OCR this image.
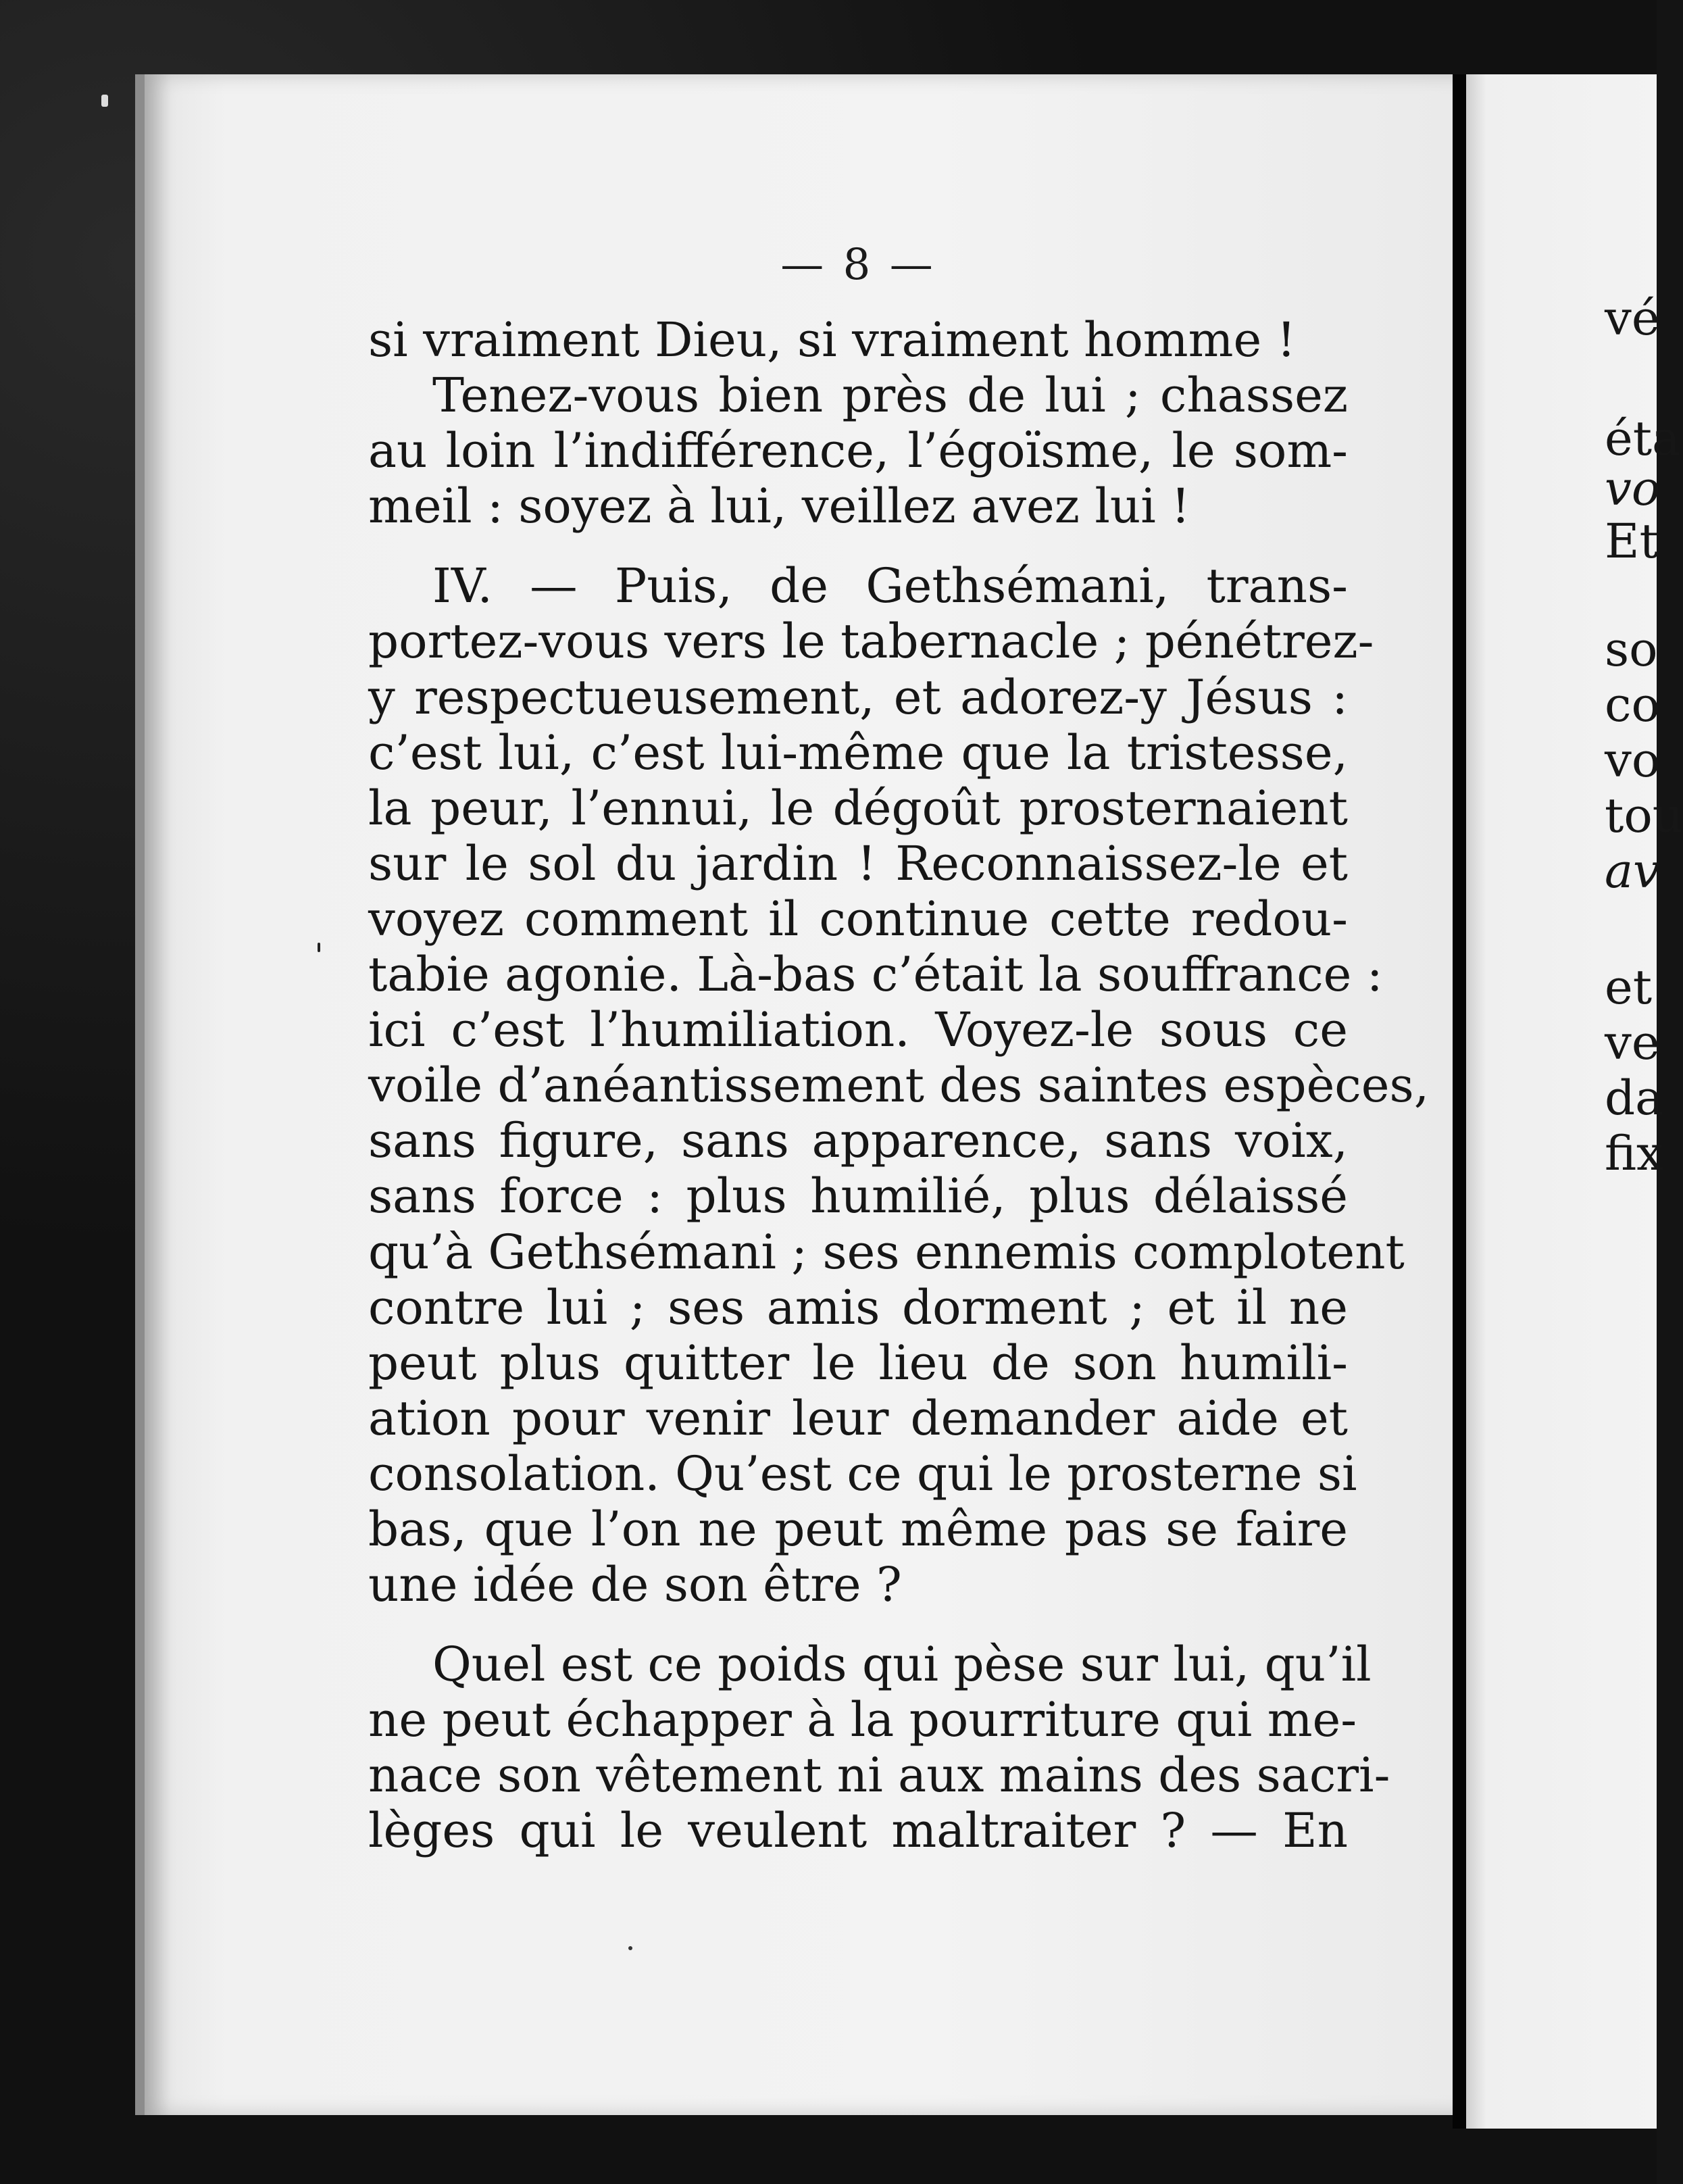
— 8 —
si vraiment Dieu, si vraiment homme !
Tenez-vous bien près de lui ; chassez
au loin l’indifférence, l’égoïsme, le som-
meil : soyez à lui, veillez avez lui !
IV. — Puis, de Gethsémani, trans-
portez-vous vers le tabernacle ; pénétrez-
y respectueusement, et adorez-y Jésus :
c’est lui, c’est lui-même que la tristesse,
la peur, l’ennui, le dégoût prosternaient
sur le sol du jardin ! Reconnaissez-le et
voyez comment il continue cette redou-
tabie agonie. Là-bas c’était la souffrance :
ici c’est l’humiliation. Voyez-le sous ce
voile d’anéantissement des saintes espèces,
sans figure, sans apparence, sans voix,
sans force : plus humilié, plus délaissé
qu’à Gethsémani ; ses ennemis complotent
contre lui ; ses amis dorment ; et il ne
peut plus quitter le lieu de son humili-
ation pour venir leur demander aide et
consolation. Qu’est ce qui le prosterne si
bas, que l’on ne peut même pas se faire
une idée de son être ?
Quel est ce poids qui pèse sur lui, qu’il
ne peut échapper à la pourriture qui me-
nace son vêtement ni aux mains des sacri-
lèges qui le veulent maltraiter ? — En
vé
éta
vo
Et
so
co
vo
tou
av
et
ve
da
fix
